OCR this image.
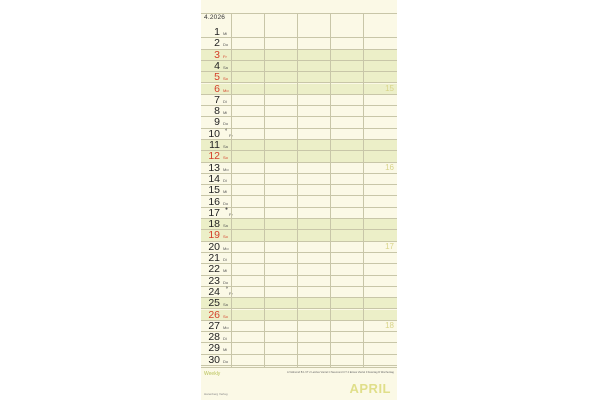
4.2026
1 Mi
2 Do
3 Fr
4 Sa
5 So
6 Mo	15
7 Di
8 Mi
9 Do
10 Fr
◐
11 Sa
12 So
13 Mo	16
14 Di
15 Mi
16 Do
17 Fr
●
18 Sa
19 So
20 Mo	17
21 Di
22 Mi
23 Do
24 Fr
◑
25 Sa
26 So
27 Mo	18
28 Di
29 Mi
30 Do
Weekly	A Vollmond B 1.VT 2 Letztes Viertel C Neumond 3.T 4 Erstes Viertel 0 Feiertag D Wochentag
APRIL
Harenberg Verlag
